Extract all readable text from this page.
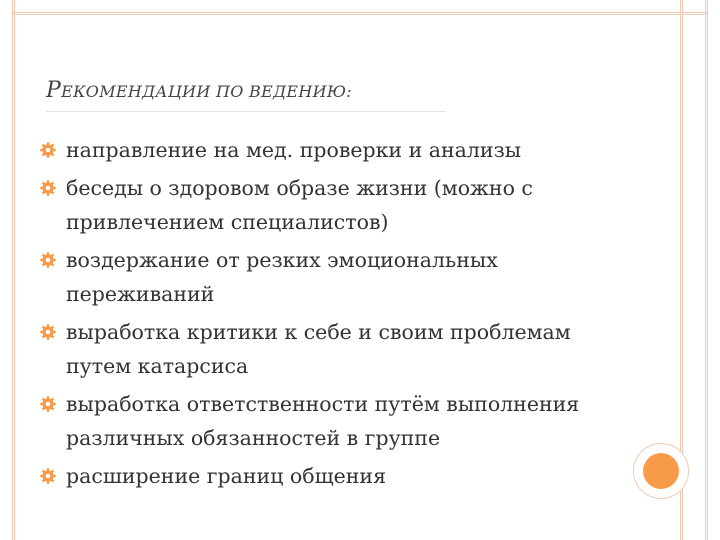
РЕКОМЕНДАЦИИ ПО ВЕДЕНИЮ:
направление на мед. проверки и анализы
беседы о здоровом образе жизни (можно с привлечением специалистов)
воздержание от резких эмоциональных переживаний
выработка критики к себе и своим проблемам путем катарсиса
выработка ответственности путём выполнения различных обязанностей в группе
расширение границ общения
